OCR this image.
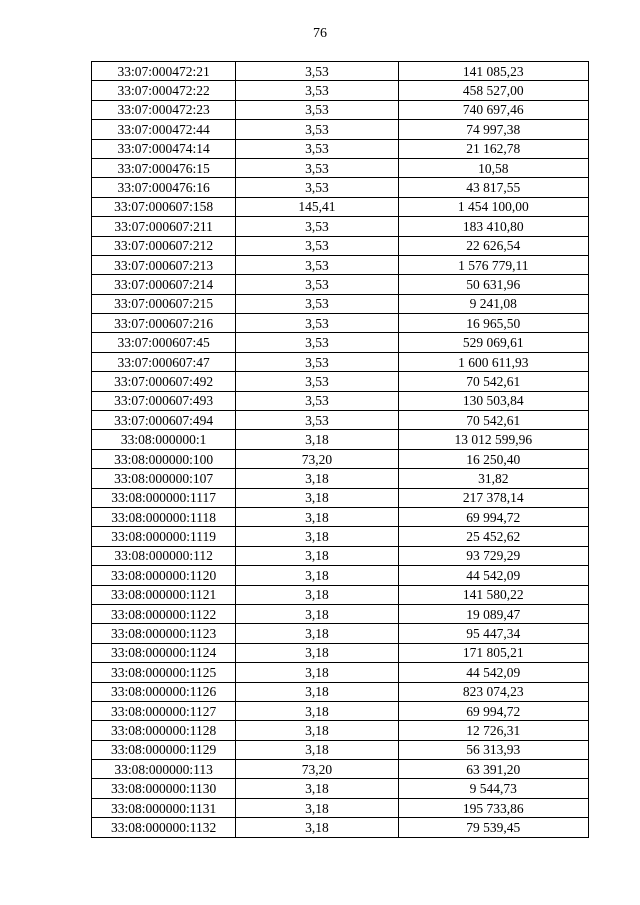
76
33:07:000472:21	3,53	141 085,23
33:07:000472:22	3,53	458 527,00
33:07:000472:23	3,53	740 697,46
33:07:000472:44	3,53	74 997,38
33:07:000474:14	3,53	21 162,78
33:07:000476:15	3,53	10,58
33:07:000476:16	3,53	43 817,55
33:07:000607:158	145,41	1 454 100,00
33:07:000607:211	3,53	183 410,80
33:07:000607:212	3,53	22 626,54
33:07:000607:213	3,53	1 576 779,11
33:07:000607:214	3,53	50 631,96
33:07:000607:215	3,53	9 241,08
33:07:000607:216	3,53	16 965,50
33:07:000607:45	3,53	529 069,61
33:07:000607:47	3,53	1 600 611,93
33:07:000607:492	3,53	70 542,61
33:07:000607:493	3,53	130 503,84
33:07:000607:494	3,53	70 542,61
33:08:000000:1	3,18	13 012 599,96
33:08:000000:100	73,20	16 250,40
33:08:000000:107	3,18	31,82
33:08:000000:1117	3,18	217 378,14
33:08:000000:1118	3,18	69 994,72
33:08:000000:1119	3,18	25 452,62
33:08:000000:112	3,18	93 729,29
33:08:000000:1120	3,18	44 542,09
33:08:000000:1121	3,18	141 580,22
33:08:000000:1122	3,18	19 089,47
33:08:000000:1123	3,18	95 447,34
33:08:000000:1124	3,18	171 805,21
33:08:000000:1125	3,18	44 542,09
33:08:000000:1126	3,18	823 074,23
33:08:000000:1127	3,18	69 994,72
33:08:000000:1128	3,18	12 726,31
33:08:000000:1129	3,18	56 313,93
33:08:000000:113	73,20	63 391,20
33:08:000000:1130	3,18	9 544,73
33:08:000000:1131	3,18	195 733,86
33:08:000000:1132	3,18	79 539,45
